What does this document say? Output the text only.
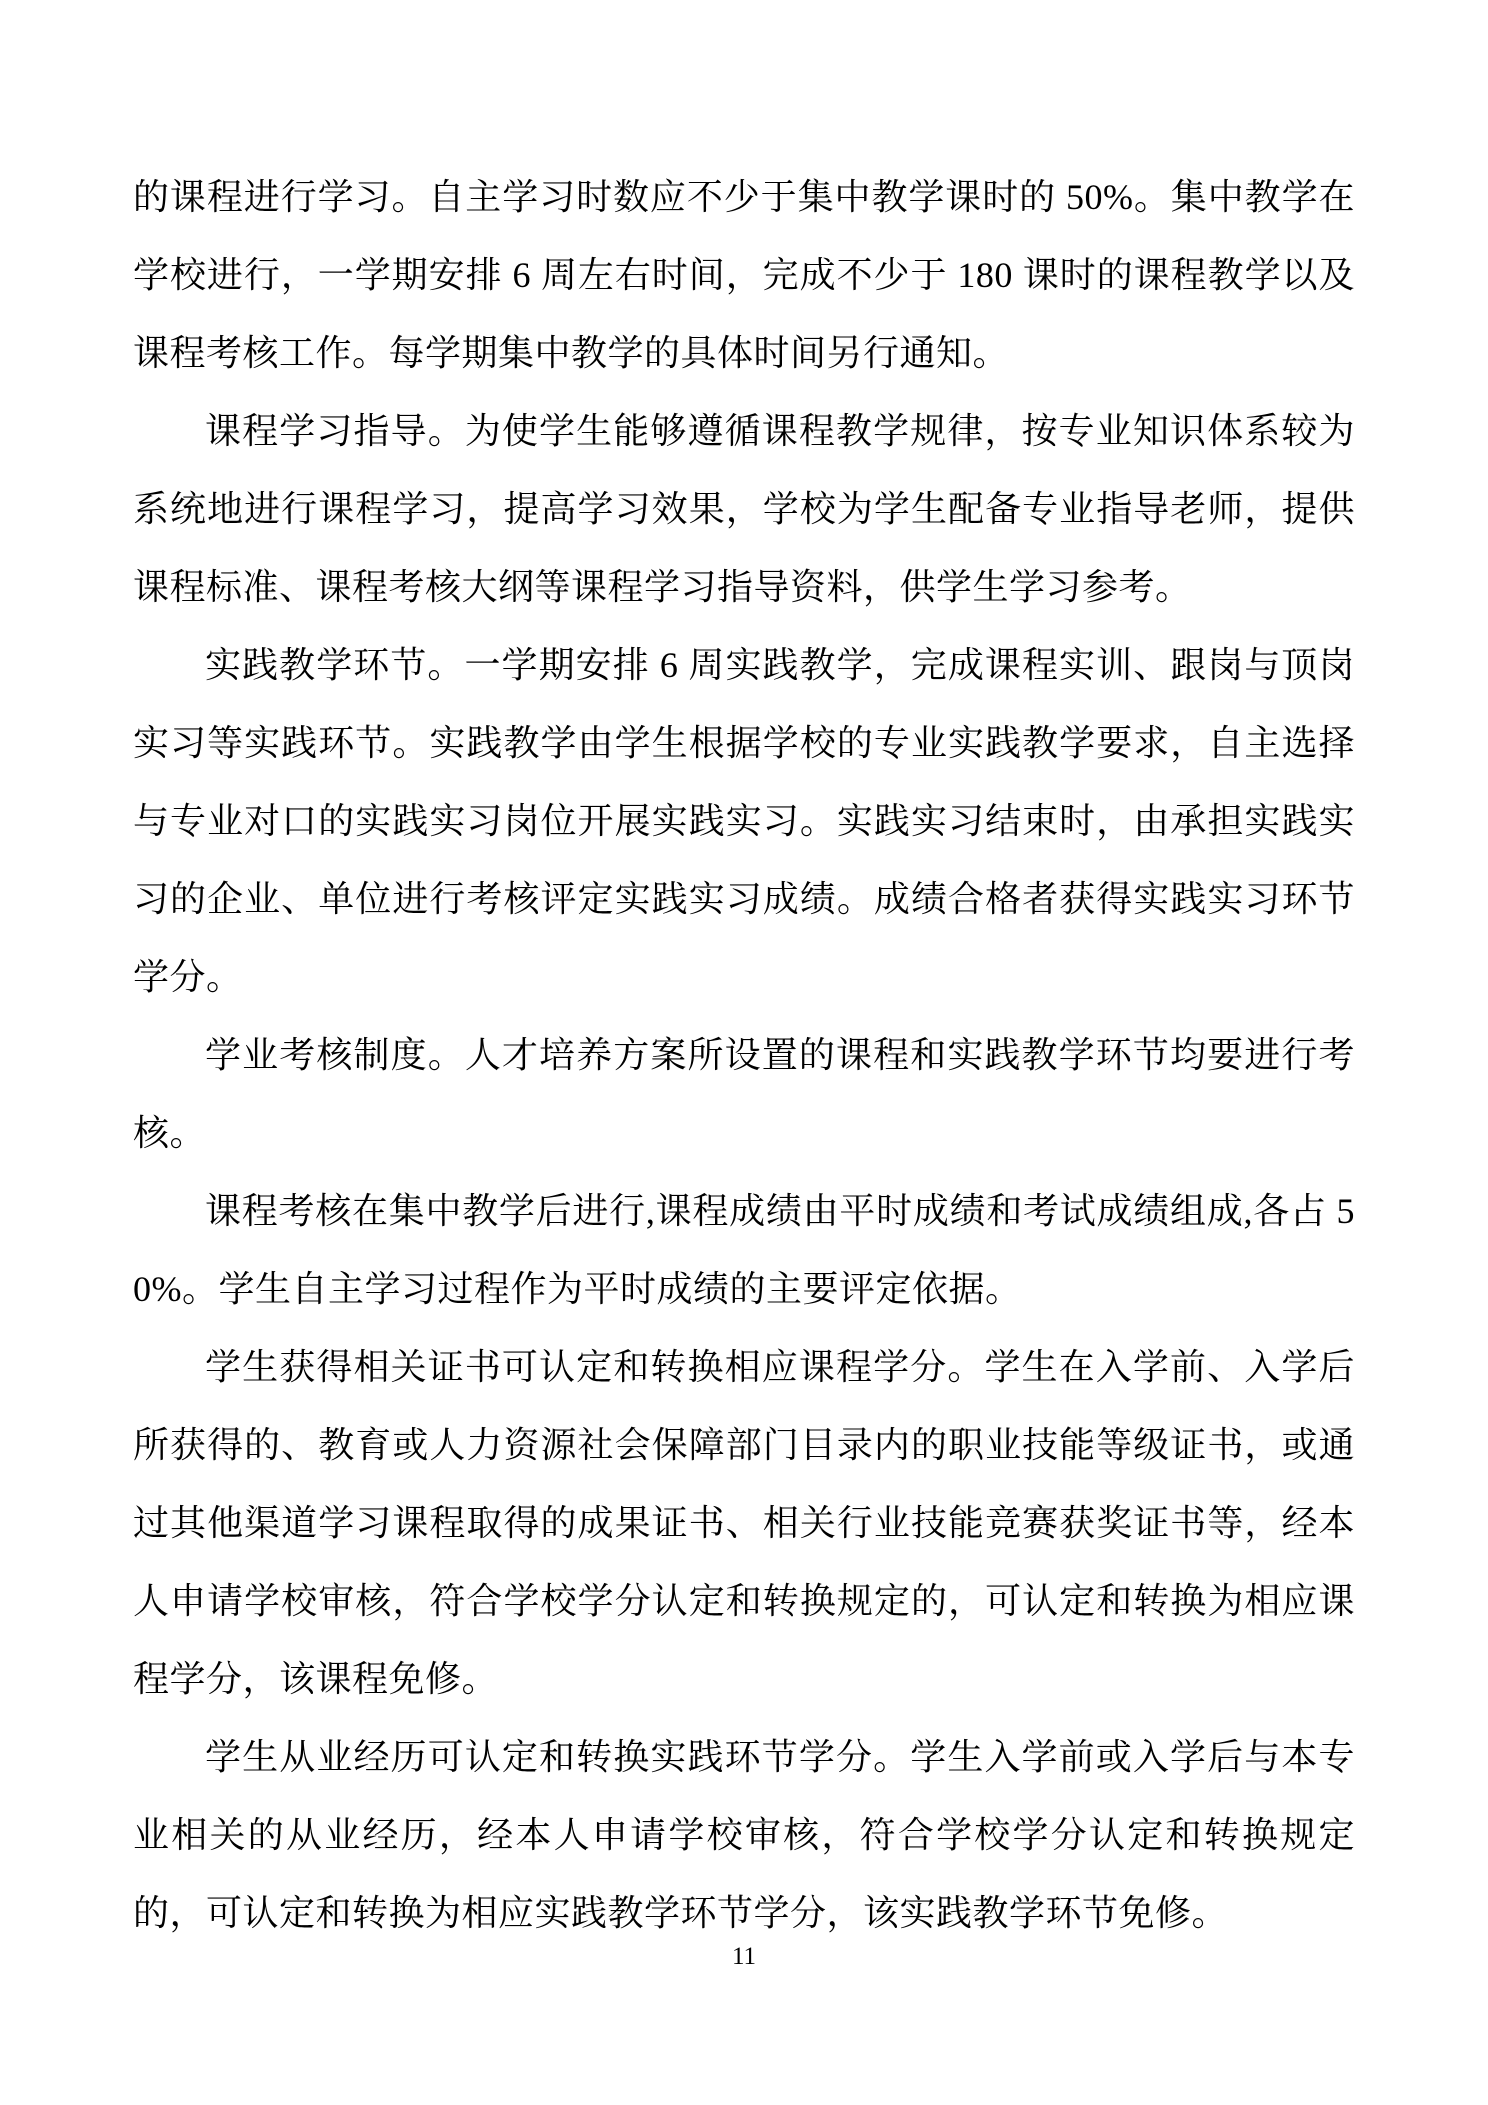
的课程进行学习。自主学习时数应不少于集中教学课时的 50%。集中教学在学校进行，一学期安排 6 周左右时间，完成不少于 180 课时的课程教学以及课程考核工作。每学期集中教学的具体时间另行通知。

课程学习指导。为使学生能够遵循课程教学规律，按专业知识体系较为系统地进行课程学习，提高学习效果，学校为学生配备专业指导老师，提供课程标准、课程考核大纲等课程学习指导资料，供学生学习参考。

实践教学环节。一学期安排 6 周实践教学，完成课程实训、跟岗与顶岗实习等实践环节。实践教学由学生根据学校的专业实践教学要求，自主选择与专业对口的实践实习岗位开展实践实习。实践实习结束时，由承担实践实习的企业、单位进行考核评定实践实习成绩。成绩合格者获得实践实习环节学分。

学业考核制度。人才培养方案所设置的课程和实践教学环节均要进行考核。

课程考核在集中教学后进行,课程成绩由平时成绩和考试成绩组成,各占 50%。学生自主学习过程作为平时成绩的主要评定依据。

学生获得相关证书可认定和转换相应课程学分。学生在入学前、入学后所获得的、教育或人力资源社会保障部门目录内的职业技能等级证书，或通过其他渠道学习课程取得的成果证书、相关行业技能竞赛获奖证书等，经本人申请学校审核，符合学校学分认定和转换规定的，可认定和转换为相应课程学分，该课程免修。

学生从业经历可认定和转换实践环节学分。学生入学前或入学后与本专业相关的从业经历，经本人申请学校审核，符合学校学分认定和转换规定的，可认定和转换为相应实践教学环节学分，该实践教学环节免修。

11
